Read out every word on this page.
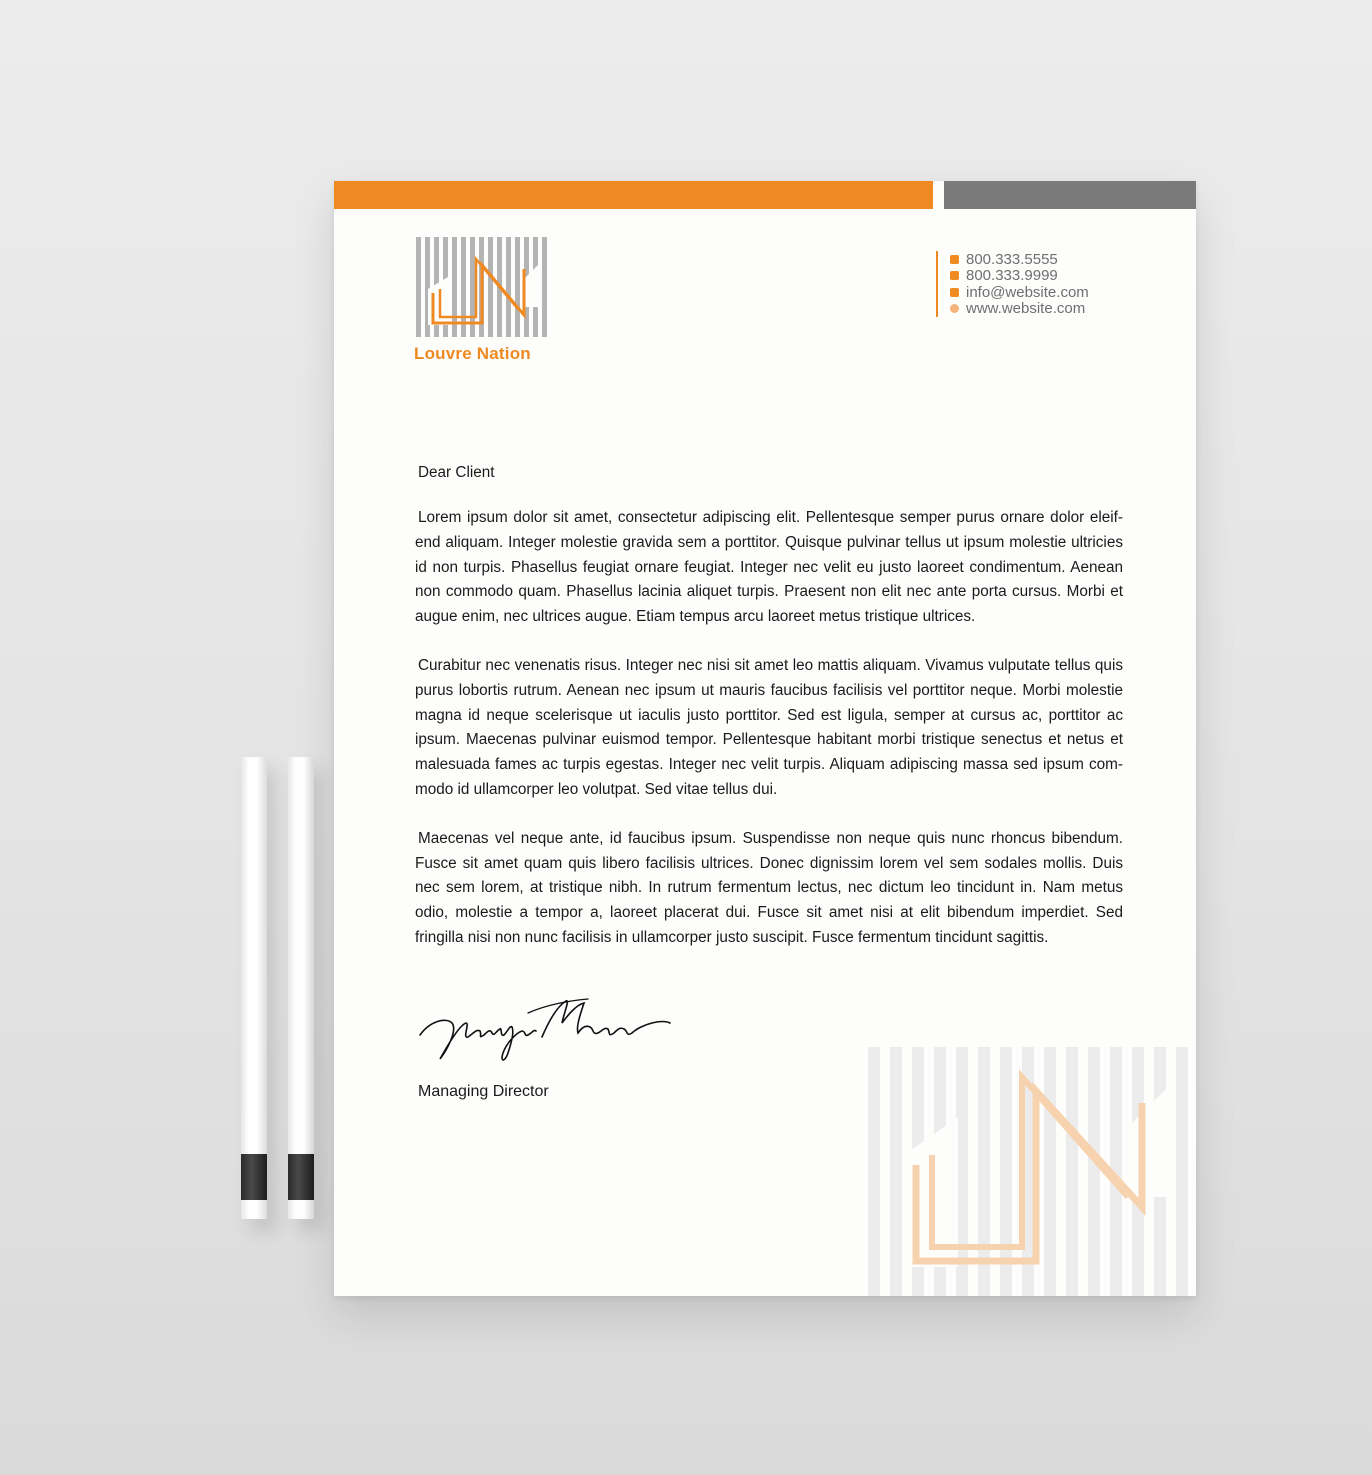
Louvre Nation
800.333.5555
800.333.9999
info@website.com
www.website.com

Dear Client

Lorem ipsum dolor sit amet, consectetur adipiscing elit. Pellentesque semper purus ornare dolor eleif-end aliquam. Integer molestie gravida sem a porttitor. Quisque pulvinar tellus ut ipsum molestie ultricies id non turpis. Phasellus feugiat ornare feugiat. Integer nec velit eu justo laoreet condimentum. Aenean non commodo quam. Phasellus lacinia aliquet turpis. Praesent non elit nec ante porta cursus. Morbi et augue enim, nec ultrices augue. Etiam tempus arcu laoreet metus tristique ultrices.

Curabitur nec venenatis risus. Integer nec nisi sit amet leo mattis aliquam. Vivamus vulputate tellus quis purus lobortis rutrum. Aenean nec ipsum ut mauris faucibus facilisis vel porttitor neque. Morbi molestie magna id neque scelerisque ut iaculis justo porttitor. Sed est ligula, semper at cursus ac, porttitor ac ipsum. Maecenas pulvinar euismod tempor. Pellentesque habitant morbi tristique senectus et netus et malesuada fames ac turpis egestas. Integer nec velit turpis. Aliquam adipiscing massa sed ipsum com-modo id ullamcorper leo volutpat. Sed vitae tellus dui.

Maecenas vel neque ante, id faucibus ipsum. Suspendisse non neque quis nunc rhoncus bibendum. Fusce sit amet quam quis libero facilisis ultrices. Donec dignissim lorem vel sem sodales mollis. Duis nec sem lorem, at tristique nibh. In rutrum fermentum lectus, nec dictum leo tincidunt in. Nam metus odio, molestie a tempor a, laoreet placerat dui. Fusce sit amet nisi at elit bibendum imperdiet. Sed fringilla nisi non nunc facilisis in ullamcorper justo suscipit. Fusce fermentum tincidunt sagittis.

Managing Director
